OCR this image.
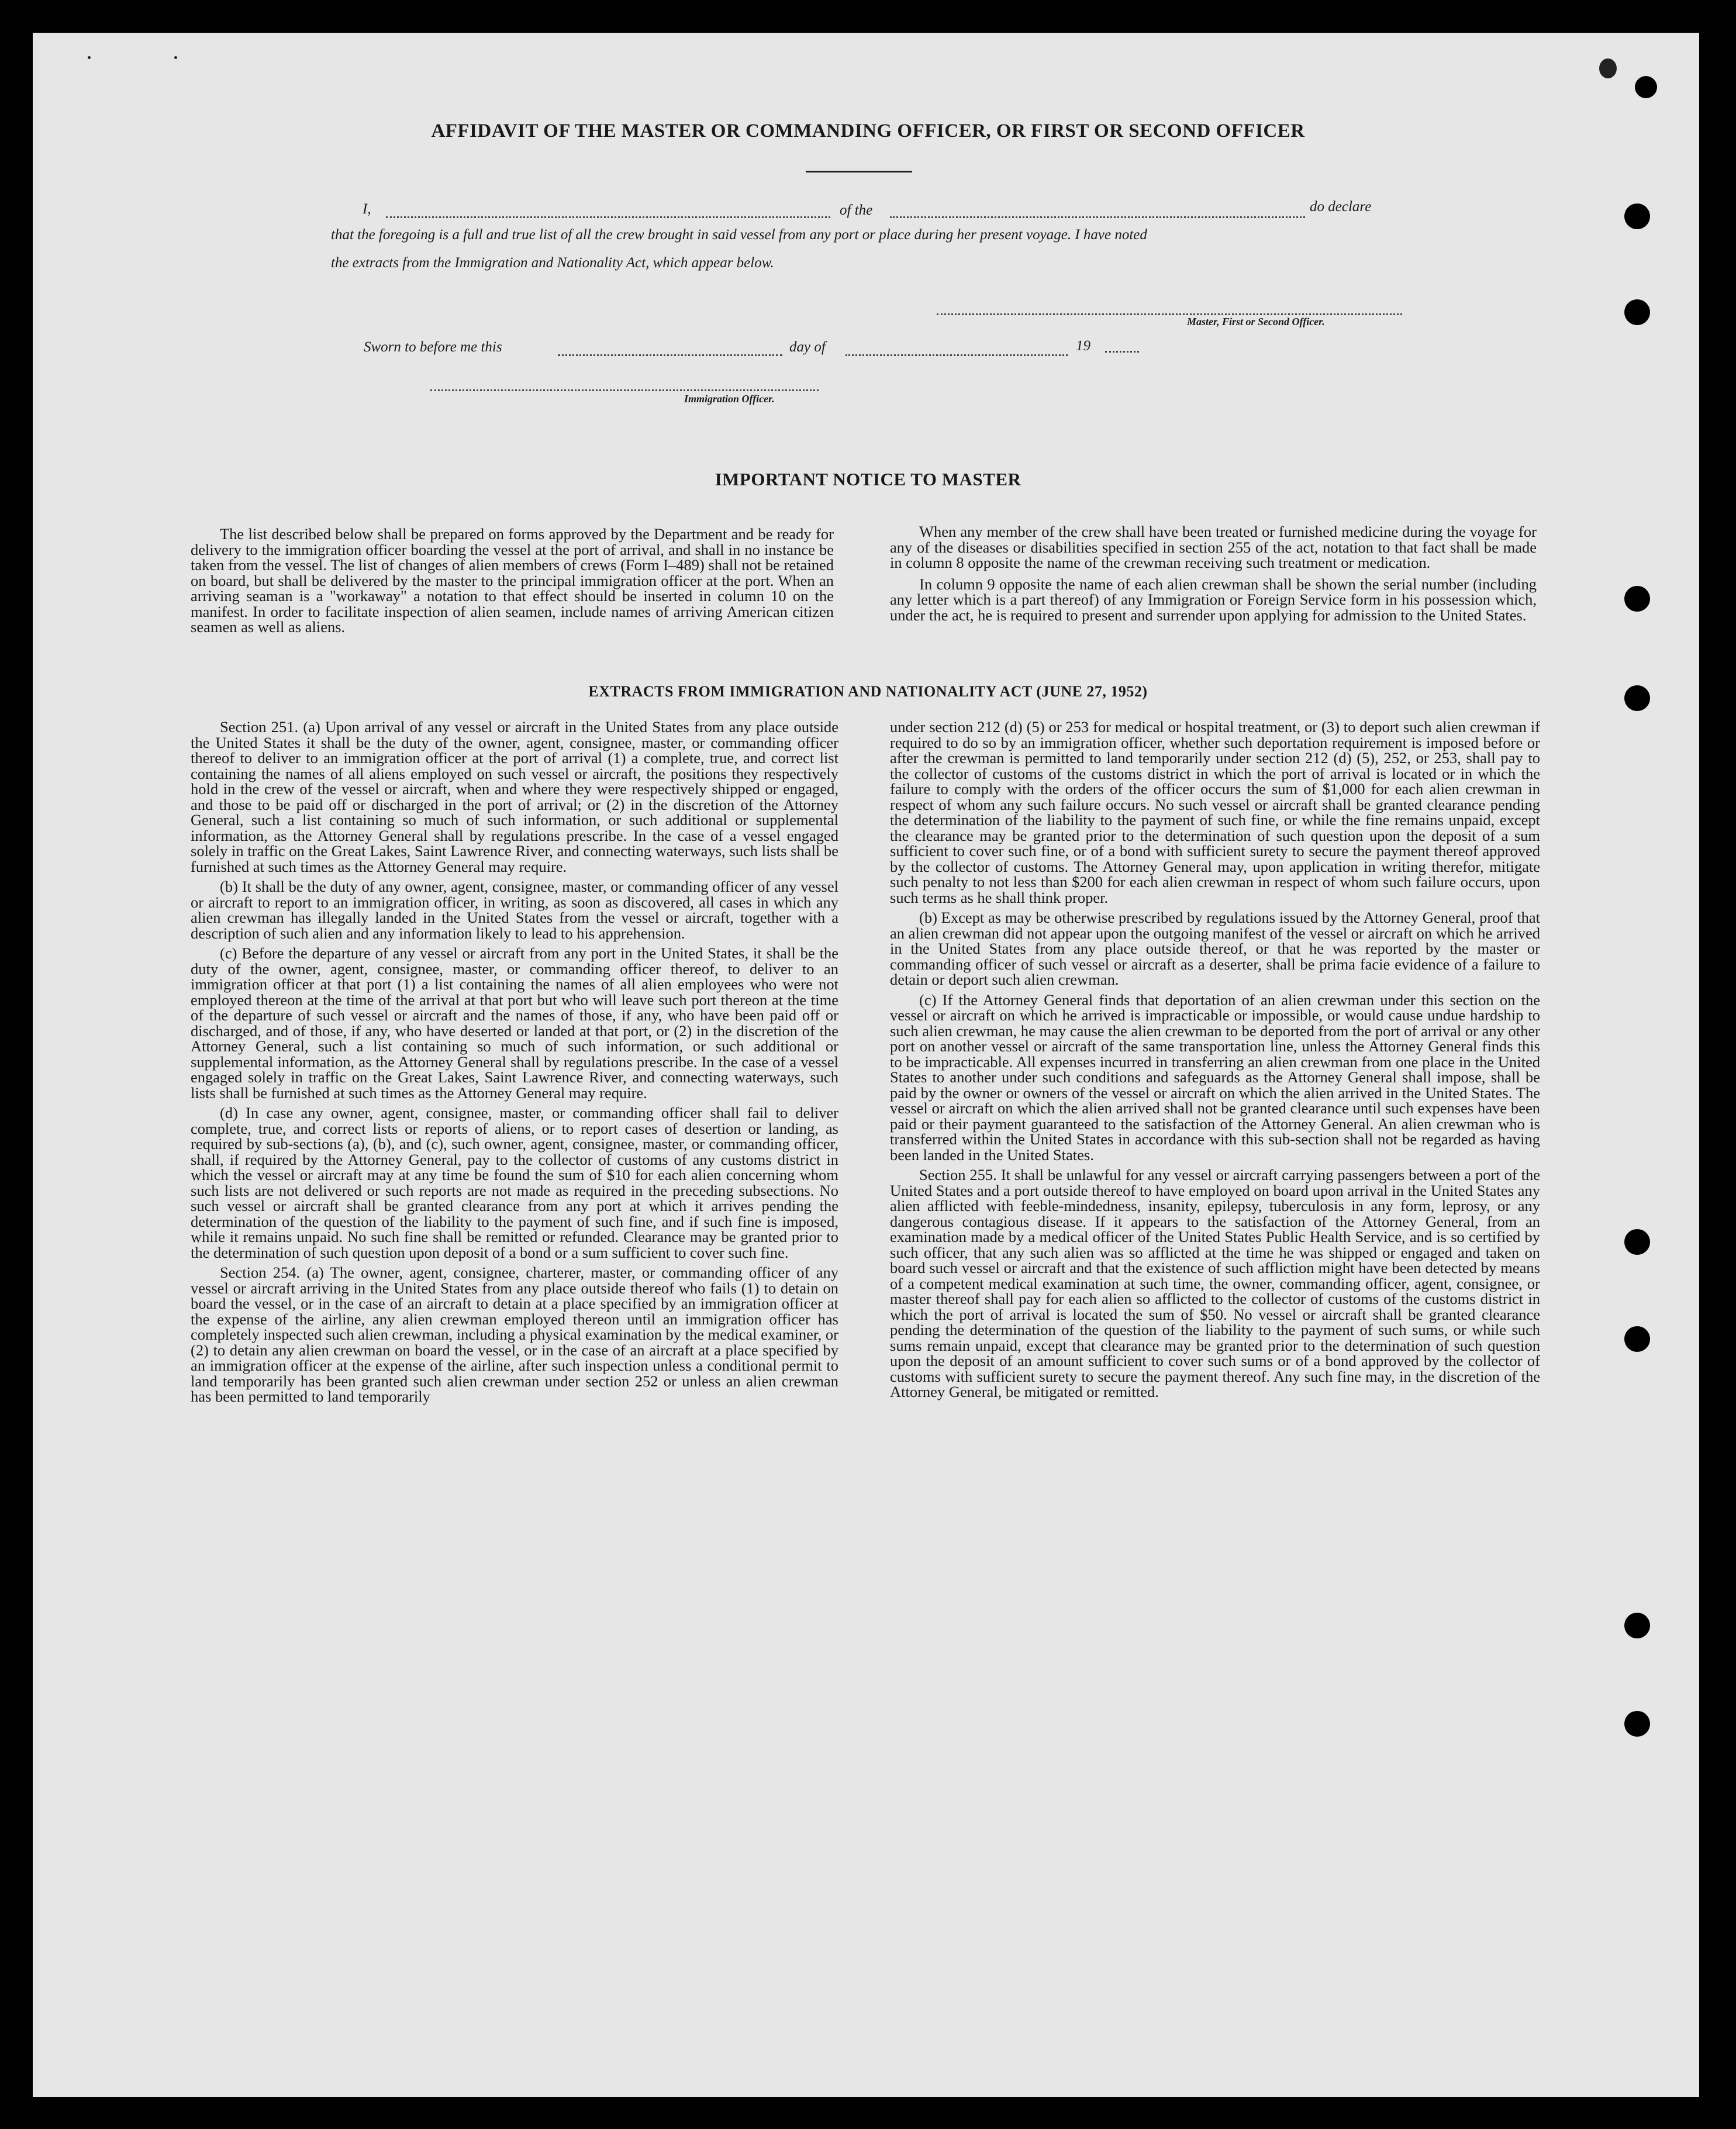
AFFIDAVIT OF THE MASTER OR COMMANDING OFFICER, OR FIRST OR SECOND OFFICER
I,	of the	do declare
that the foregoing is a full and true list of all the crew brought in said vessel from any port or place during her present voyage. I have noted
the extracts from the Immigration and Nationality Act, which appear below.
Master, First or Second Officer.
Sworn to before me this	day of	19
Immigration Officer.
IMPORTANT NOTICE TO MASTER

The list described below shall be prepared on forms approved by the Department and be ready for delivery to the immigration officer boarding the vessel at the port of arrival, and shall in no instance be taken from the vessel. The list of changes of alien members of crews (Form I–489) shall not be retained on board, but shall be delivered by the master to the principal immigration officer at the port. When an arriving seaman is a "workaway" a notation to that effect should be inserted in column 10 on the manifest. In order to facilitate inspection of alien seamen, include names of arriving American citizen seamen as well as aliens.

When any member of the crew shall have been treated or furnished medicine during the voyage for any of the diseases or disabilities specified in section 255 of the act, notation to that fact shall be made in column 8 opposite the name of the crewman receiving such treatment or medication.

In column 9 opposite the name of each alien crewman shall be shown the serial number (including any letter which is a part thereof) of any Immigration or Foreign Service form in his possession which, under the act, he is required to present and surrender upon applying for admission to the United States.

EXTRACTS FROM IMMIGRATION AND NATIONALITY ACT (JUNE 27, 1952)

Section 251. (a) Upon arrival of any vessel or aircraft in the United States from any place outside the United States it shall be the duty of the owner, agent, consignee, master, or commanding officer thereof to deliver to an immigration officer at the port of arrival (1) a complete, true, and correct list containing the names of all aliens employed on such vessel or aircraft, the positions they respectively hold in the crew of the vessel or aircraft, when and where they were respectively shipped or engaged, and those to be paid off or discharged in the port of arrival; or (2) in the discretion of the Attorney General, such a list containing so much of such information, or such additional or supplemental information, as the Attorney General shall by regulations prescribe. In the case of a vessel engaged solely in traffic on the Great Lakes, Saint Lawrence River, and connecting waterways, such lists shall be furnished at such times as the Attorney General may require.

(b) It shall be the duty of any owner, agent, consignee, master, or commanding officer of any vessel or aircraft to report to an immigration officer, in writing, as soon as discovered, all cases in which any alien crewman has illegally landed in the United States from the vessel or aircraft, together with a description of such alien and any information likely to lead to his apprehension.

(c) Before the departure of any vessel or aircraft from any port in the United States, it shall be the duty of the owner, agent, consignee, master, or commanding officer thereof, to deliver to an immigration officer at that port (1) a list containing the names of all alien employees who were not employed thereon at the time of the arrival at that port but who will leave such port thereon at the time of the departure of such vessel or aircraft and the names of those, if any, who have been paid off or discharged, and of those, if any, who have deserted or landed at that port, or (2) in the discretion of the Attorney General, such a list containing so much of such information, or such additional or supplemental information, as the Attorney General shall by regulations prescribe. In the case of a vessel engaged solely in traffic on the Great Lakes, Saint Lawrence River, and connecting waterways, such lists shall be furnished at such times as the Attorney General may require.

(d) In case any owner, agent, consignee, master, or commanding officer shall fail to deliver complete, true, and correct lists or reports of aliens, or to report cases of desertion or landing, as required by sub-sections (a), (b), and (c), such owner, agent, consignee, master, or commanding officer, shall, if required by the Attorney General, pay to the collector of customs of any customs district in which the vessel or aircraft may at any time be found the sum of $10 for each alien concerning whom such lists are not delivered or such reports are not made as required in the preceding subsections. No such vessel or aircraft shall be granted clearance from any port at which it arrives pending the determination of the question of the liability to the payment of such fine, and if such fine is imposed, while it remains unpaid. No such fine shall be remitted or refunded. Clearance may be granted prior to the determination of such question upon deposit of a bond or a sum sufficient to cover such fine.

Section 254. (a) The owner, agent, consignee, charterer, master, or commanding officer of any vessel or aircraft arriving in the United States from any place outside thereof who fails (1) to detain on board the vessel, or in the case of an aircraft to detain at a place specified by an immigration officer at the expense of the airline, any alien crewman employed thereon until an immigration officer has completely inspected such alien crewman, including a physical examination by the medical examiner, or (2) to detain any alien crewman on board the vessel, or in the case of an aircraft at a place specified by an immigration officer at the expense of the airline, after such inspection unless a conditional permit to land temporarily has been granted such alien crewman under section 252 or unless an alien crewman has been permitted to land temporarily

under section 212 (d) (5) or 253 for medical or hospital treatment, or (3) to deport such alien crewman if required to do so by an immigration officer, whether such deportation requirement is imposed before or after the crewman is permitted to land temporarily under section 212 (d) (5), 252, or 253, shall pay to the collector of customs of the customs district in which the port of arrival is located or in which the failure to comply with the orders of the officer occurs the sum of $1,000 for each alien crewman in respect of whom any such failure occurs. No such vessel or aircraft shall be granted clearance pending the determination of the liability to the payment of such fine, or while the fine remains unpaid, except the clearance may be granted prior to the determination of such question upon the deposit of a sum sufficient to cover such fine, or of a bond with sufficient surety to secure the payment thereof approved by the collector of customs. The Attorney General may, upon application in writing therefor, mitigate such penalty to not less than $200 for each alien crewman in respect of whom such failure occurs, upon such terms as he shall think proper.

(b) Except as may be otherwise prescribed by regulations issued by the Attorney General, proof that an alien crewman did not appear upon the outgoing manifest of the vessel or aircraft on which he arrived in the United States from any place outside thereof, or that he was reported by the master or commanding officer of such vessel or aircraft as a deserter, shall be prima facie evidence of a failure to detain or deport such alien crewman.

(c) If the Attorney General finds that deportation of an alien crewman under this section on the vessel or aircraft on which he arrived is impracticable or impossible, or would cause undue hardship to such alien crewman, he may cause the alien crewman to be deported from the port of arrival or any other port on another vessel or aircraft of the same transportation line, unless the Attorney General finds this to be impracticable. All expenses incurred in transferring an alien crewman from one place in the United States to another under such conditions and safeguards as the Attorney General shall impose, shall be paid by the owner or owners of the vessel or aircraft on which the alien arrived in the United States. The vessel or aircraft on which the alien arrived shall not be granted clearance until such expenses have been paid or their payment guaranteed to the satisfaction of the Attorney General. An alien crewman who is transferred within the United States in accordance with this sub-section shall not be regarded as having been landed in the United States.

Section 255. It shall be unlawful for any vessel or aircraft carrying passengers between a port of the United States and a port outside thereof to have employed on board upon arrival in the United States any alien afflicted with feeble-mindedness, insanity, epilepsy, tuberculosis in any form, leprosy, or any dangerous contagious disease. If it appears to the satisfaction of the Attorney General, from an examination made by a medical officer of the United States Public Health Service, and is so certified by such officer, that any such alien was so afflicted at the time he was shipped or engaged and taken on board such vessel or aircraft and that the existence of such affliction might have been detected by means of a competent medical examination at such time, the owner, commanding officer, agent, consignee, or master thereof shall pay for each alien so afflicted to the collector of customs of the customs district in which the port of arrival is located the sum of $50. No vessel or aircraft shall be granted clearance pending the determination of the question of the liability to the payment of such sums, or while such sums remain unpaid, except that clearance may be granted prior to the determination of such question upon the deposit of an amount sufficient to cover such sums or of a bond approved by the collector of customs with sufficient surety to secure the payment thereof. Any such fine may, in the discretion of the Attorney General, be mitigated or remitted.
